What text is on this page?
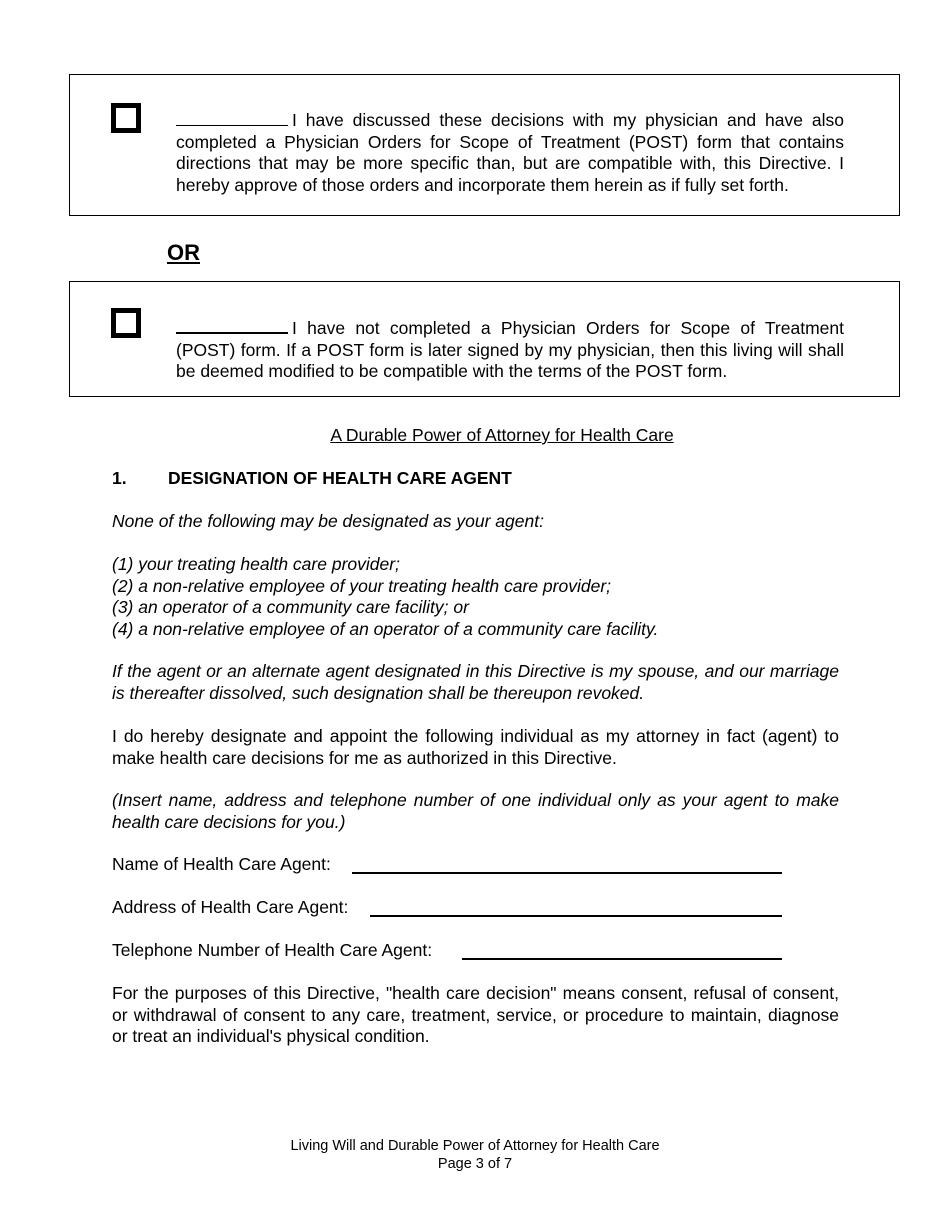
I have discussed these decisions with my physician and have also completed a Physician Orders for Scope of Treatment (POST) form that contains directions that may be more specific than, but are compatible with, this Directive. I hereby approve of those orders and incorporate them herein as if fully set forth.
OR
I have not completed a Physician Orders for Scope of Treatment (POST) form. If a POST form is later signed by my physician, then this living will shall be deemed modified to be compatible with the terms of the POST form.
A Durable Power of Attorney for Health Care
1. DESIGNATION OF HEALTH CARE AGENT

None of the following may be designated as your agent:

(1) your treating health care provider;
(2) a non-relative employee of your treating health care provider;
(3) an operator of a community care facility; or
(4) a non-relative employee of an operator of a community care facility.

If the agent or an alternate agent designated in this Directive is my spouse, and our marriage is thereafter dissolved, such designation shall be thereupon revoked.

I do hereby designate and appoint the following individual as my attorney in fact (agent) to make health care decisions for me as authorized in this Directive.

(Insert name, address and telephone number of one individual only as your agent to make health care decisions for you.)

Name of Health Care Agent:
Address of Health Care Agent:
Telephone Number of Health Care Agent:

For the purposes of this Directive, "health care decision" means consent, refusal of consent, or withdrawal of consent to any care, treatment, service, or procedure to maintain, diagnose or treat an individual's physical condition.

Living Will and Durable Power of Attorney for Health Care
Page 3 of 7
